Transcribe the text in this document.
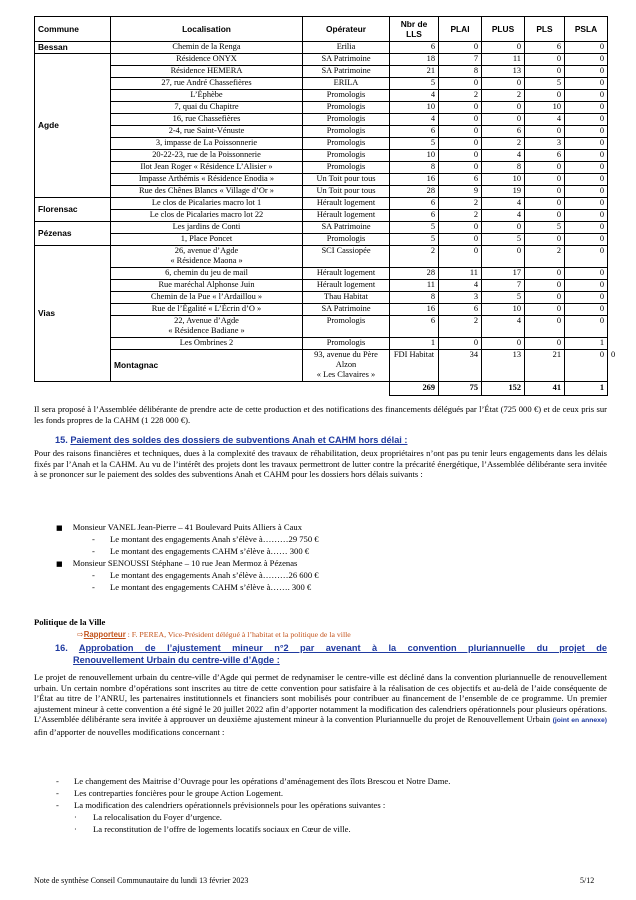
Commune	Localisation	Opérateur	Nbr de LLS	PLAI	PLUS	PLS	PSLA	
Bessan	Chemin de la Renga	Erilia	6	0	0	6	0	
Agde	Résidence ONYX	SA Patrimoine	18	7	11	0	0	

	Résidence HEMERA	SA Patrimoine	21	8	13	0	0	

	27, rue André Chassefières	ERILA	5	0	0	5	0	

	L’Éphèbe	Promologis	4	2	2	0	0	

	7, quai du Chapitre	Promologis	10	0	0	10	0	

	16, rue Chassefières	Promologis	4	0	0	4	0	

	2-4, rue Saint-Vénuste	Promologis	6	0	6	0	0	

	3, impasse de La Poissonnerie	Promologis	5	0	2	3	0	

	20-22-23, rue de la Poissonnerie	Promologis	10	0	4	6	0	

	Ilot Jean Roger « Résidence L’Alisier »	Promologis	8	0	8	0	0	

	Impasse Arthémis « Résidence Enodia »	Un Toit pour tous	16	6	10	0	0	

	Rue des Chênes Blancs « Village d’Or »	Un Toit pour tous	28	9	19	0	0	
Florensac	Le clos de Picalaries macro lot 1	Hérault logement	6	2	4	0	0	

	Le clos de Picalaries macro lot 22	Hérault logement	6	2	4	0	0	
Pézenas	Les jardins de Conti	SA Patrimoine	5	0	0	5	0	

	1, Place Poncet	Promologis	5	0	5	0	0	
Vias	26, avenue d’Agde
« Résidence Maona »	SCI Cassiopée	2	0	0	2	0	

	6, chemin du jeu de mail	Hérault logement	28	11	17	0	0	

	Rue maréchal Alphonse Juin	Hérault logement	11	4	7	0	0	

	Chemin de la Pue « l’Ardaillou »	Thau Habitat	8	3	5	0	0	

	Rue de l’Égalité « L’Écrin d’O »	SA Patrimoine	16	6	10	0	0	

	22, Avenue d’Agde
« Résidence Badiane »	Promologis	6	2	4	0	0	

	Les Ombrines 2	Promologis	1	0	0	0	1	
	Montagnac	93, avenue du Père Alzon
« Les Clavaires »	FDI Habitat	34	13	21	0	0
			269	75	152	41	1	
Il sera proposé à l’Assemblée délibérante de prendre acte de cette production et des notifications des financements délégués par l’État (725 000 €) et de ceux pris sur les fonds propres de la CAHM (1 228 000 €).
15. Paiement des soldes des dossiers de subventions Anah et CAHM hors délai :
Pour des raisons financières et techniques, dues à la complexité des travaux de réhabilitation, deux propriétaires n’ont pas pu tenir leurs engagements dans les délais fixés par l’Anah et la CAHM. Au vu de l’intérêt des projets dont les travaux permettront de lutter contre la précarité énergétique, l’Assemblée délibérante sera invitée à se prononcer sur le paiement des soldes des subventions Anah et CAHM pour les dossiers hors délais suivants :
■ Monsieur VANEL Jean-Pierre – 41 Boulevard Puits Alliers à Caux
- Le montant des engagements Anah s’élève à………29 750 €
- Le montant des engagements CAHM s’élève à…… 300 €
■ Monsieur SENOUSSI Stéphane – 10 rue Jean Mermoz à Pézenas
- Le montant des engagements Anah s’élève à………26 600 €
- Le montant des engagements CAHM s’élève à……. 300 €
Politique de la Ville
⇨Rapporteur : F. PEREA, Vice-Président délégué à l’habitat et la politique de la ville
16. Approbation de l’ajustement mineur n°2 par avenant à la convention pluriannuelle du projet de
Renouvellement Urbain du centre-ville d’Agde :
Le projet de renouvellement urbain du centre-ville d’Agde qui permet de redynamiser le centre-ville est décliné dans la convention pluriannuelle de renouvellement urbain. Un certain nombre d’opérations sont inscrites au titre de cette convention pour satisfaire à la réalisation de ces objectifs et au-delà de l’aide conséquente de l’État au titre de l’ANRU, les partenaires institutionnels et financiers sont mobilisés pour contribuer au financement de l’ensemble de ce programme. Un premier ajustement mineur à cette convention a été signé le 20 juillet 2022 afin d’apporter notamment la modification des calendriers opérationnels pour plusieurs opérations. L’Assemblée délibérante sera invitée à approuver un deuxième ajustement mineur à la convention Pluriannuelle du projet de Renouvellement Urbain (joint en annexe) afin d’apporter de nouvelles modifications concernant :
- Le changement des Maitrise d’Ouvrage pour les opérations d’aménagement des îlots Brescou et Notre Dame.
- Les contreparties foncières pour le groupe Action Logement.
- La modification des calendriers opérationnels prévisionnels pour les opérations suivantes :
· La relocalisation du Foyer d’urgence.
· La reconstitution de l’offre de logements locatifs sociaux en Cœur de ville.
Note de synthèse Conseil Communautaire du lundi 13 février 2023	5/12
